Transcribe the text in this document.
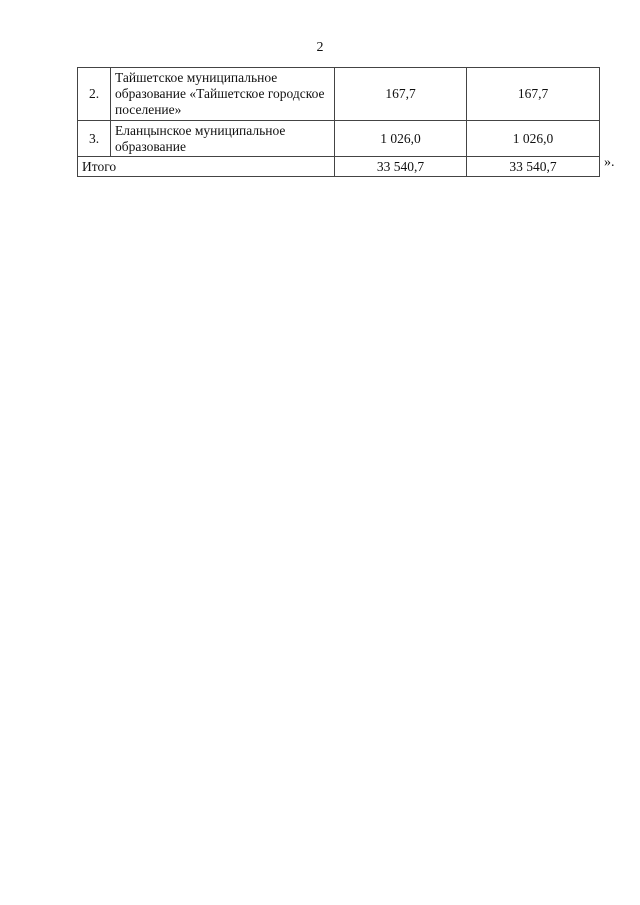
2
2.	Тайшетское муниципальное образование «Тайшетское городское поселение»	167,7	167,7
3.	Еланцынское муниципальное образование	1 026,0	1 026,0
Итого		33 540,7	33 540,7	».
